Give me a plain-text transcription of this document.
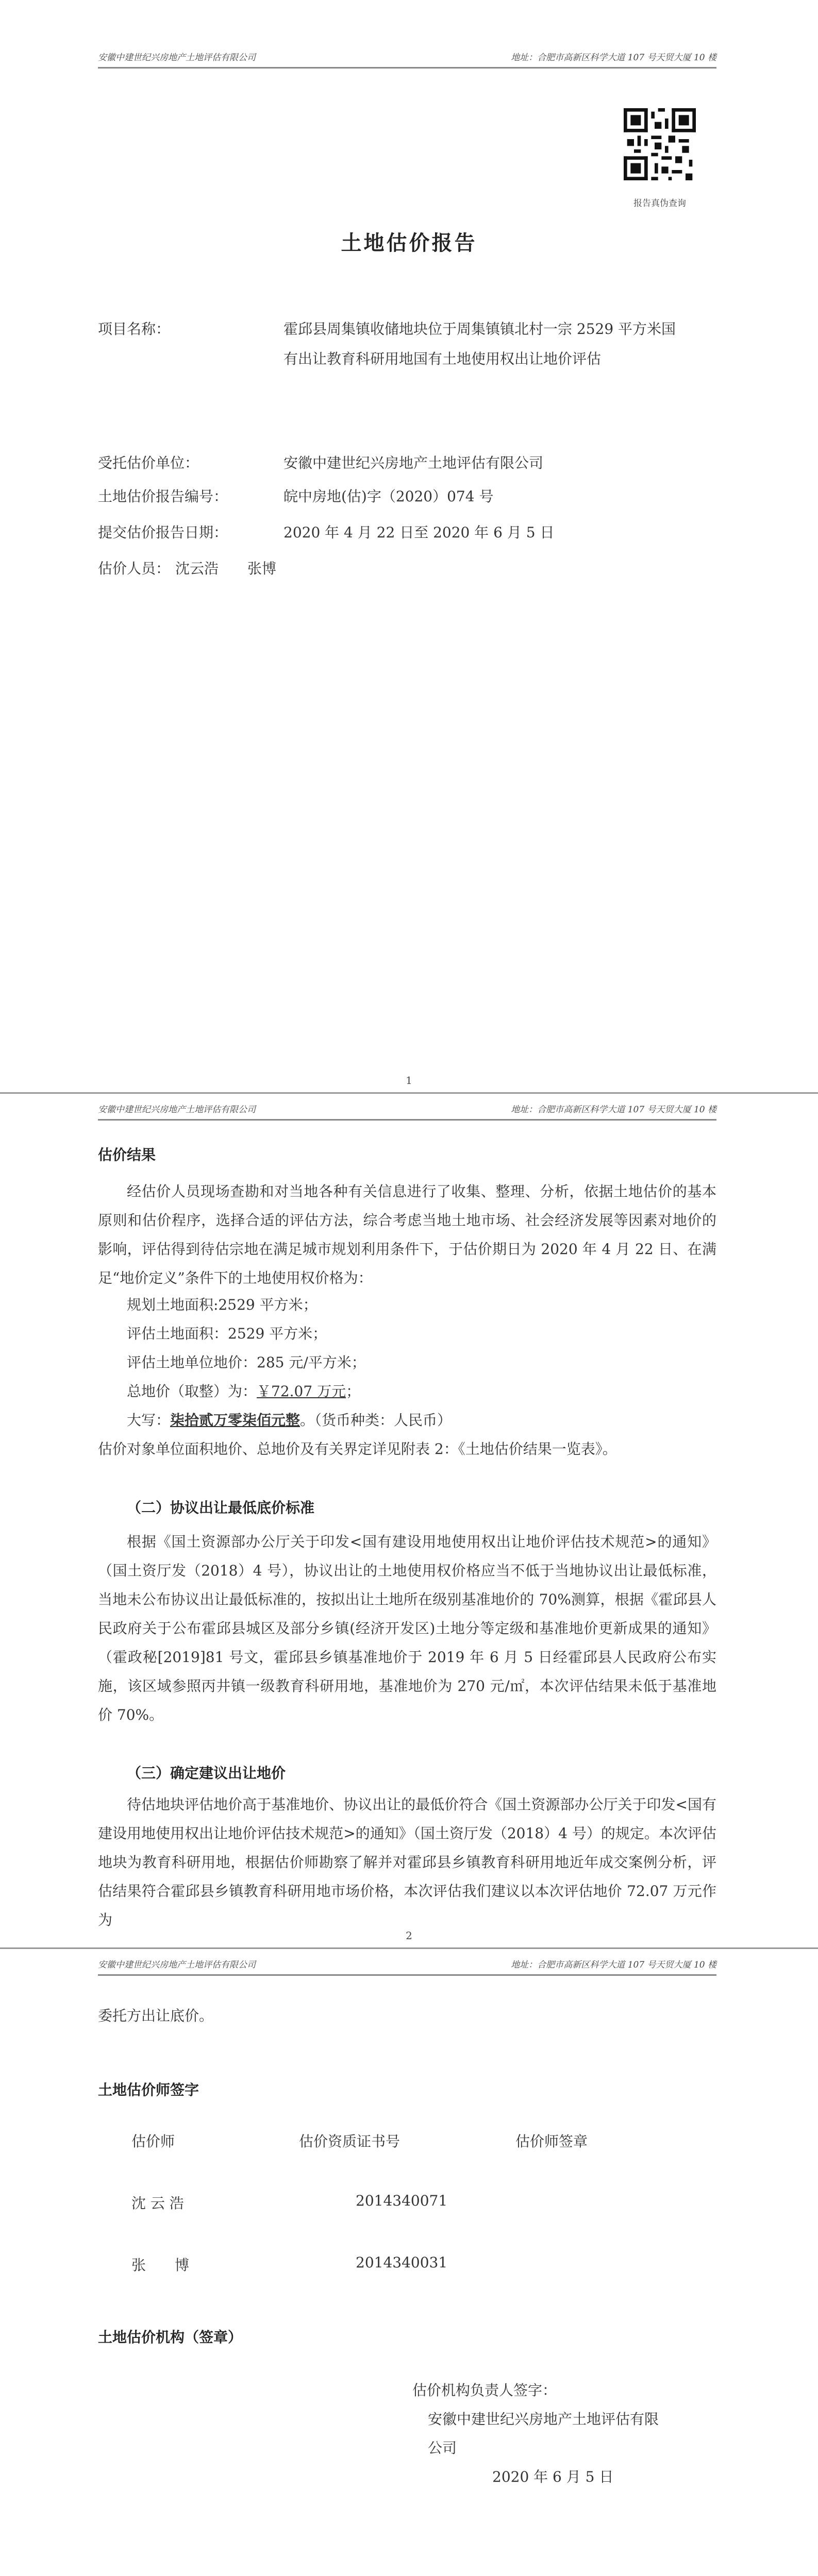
安徽中建世纪兴房地产土地评估有限公司	地址：合肥市高新区科学大道 107 号天贸大厦 10 楼
报告真伪查询
土地估价报告
项目名称：	霍邱县周集镇收储地块位于周集镇镇北村一宗 2529 平方米国有出让教育科研用地国有土地使用权出让地价评估
受托估价单位：	安徽中建世纪兴房地产土地评估有限公司
土地估价报告编号：	皖中房地(估)字（2020）074 号
提交估价报告日期：	2020 年 4 月 22 日至 2020 年 6 月 5 日
估价人员： 沈云浩　　张博
1
安徽中建世纪兴房地产土地评估有限公司	地址：合肥市高新区科学大道 107 号天贸大厦 10 楼
估价结果
经估价人员现场查勘和对当地各种有关信息进行了收集、整理、分析，依据土地估价的基本原则和估价程序，选择合适的评估方法，综合考虑当地土地市场、社会经济发展等因素对地价的影响，评估得到待估宗地在满足城市规划利用条件下，于估价期日为 2020 年 4 月 22 日、在满足“地价定义”条件下的土地使用权价格为：
规划土地面积:2529 平方米；
评估土地面积：2529 平方米；
评估土地单位地价：285 元/平方米；
总地价（取整）为：￥72.07 万元；
大写：柒拾贰万零柒佰元整。（货币种类：人民币）
估价对象单位面积地价、总地价及有关界定详见附表 2：《土地估价结果一览表》。
（二）协议出让最低底价标准
根据《国土资源部办公厅关于印发<国有建设用地使用权出让地价评估技术规范>的通知》（国土资厅发（2018）4 号），协议出让的土地使用权价格应当不低于当地协议出让最低标准，当地未公布协议出让最低标准的，按拟出让土地所在级别基准地价的 70%测算，根据《霍邱县人民政府关于公布霍邱县城区及部分乡镇(经济开发区)土地分等定级和基准地价更新成果的通知》（霍政秘[2019]81 号文，霍邱县乡镇基准地价于 2019 年 6 月 5 日经霍邱县人民政府公布实施，该区域参照丙井镇一级教育科研用地，基准地价为 270 元/㎡，本次评估结果未低于基准地价 70%。
（三）确定建议出让地价
待估地块评估地价高于基准地价、协议出让的最低价符合《国土资源部办公厅关于印发<国有建设用地使用权出让地价评估技术规范>的通知》（国土资厅发（2018）4 号）的规定。本次评估地块为教育科研用地，根据估价师勘察了解并对霍邱县乡镇教育科研用地近年成交案例分析，评估结果符合霍邱县乡镇教育科研用地市场价格，本次评估我们建议以本次评估地价 72.07 万元作为
2
安徽中建世纪兴房地产土地评估有限公司	地址：合肥市高新区科学大道 107 号天贸大厦 10 楼
委托方出让底价。
土地估价师签字
估价师	估价资质证书号	估价师签章
沈 云 浩	2014340071
张　　博	2014340031
土地估价机构（签章）
估价机构负责人签字：
安徽中建世纪兴房地产土地评估有限
公司
2020 年 6 月 5 日
